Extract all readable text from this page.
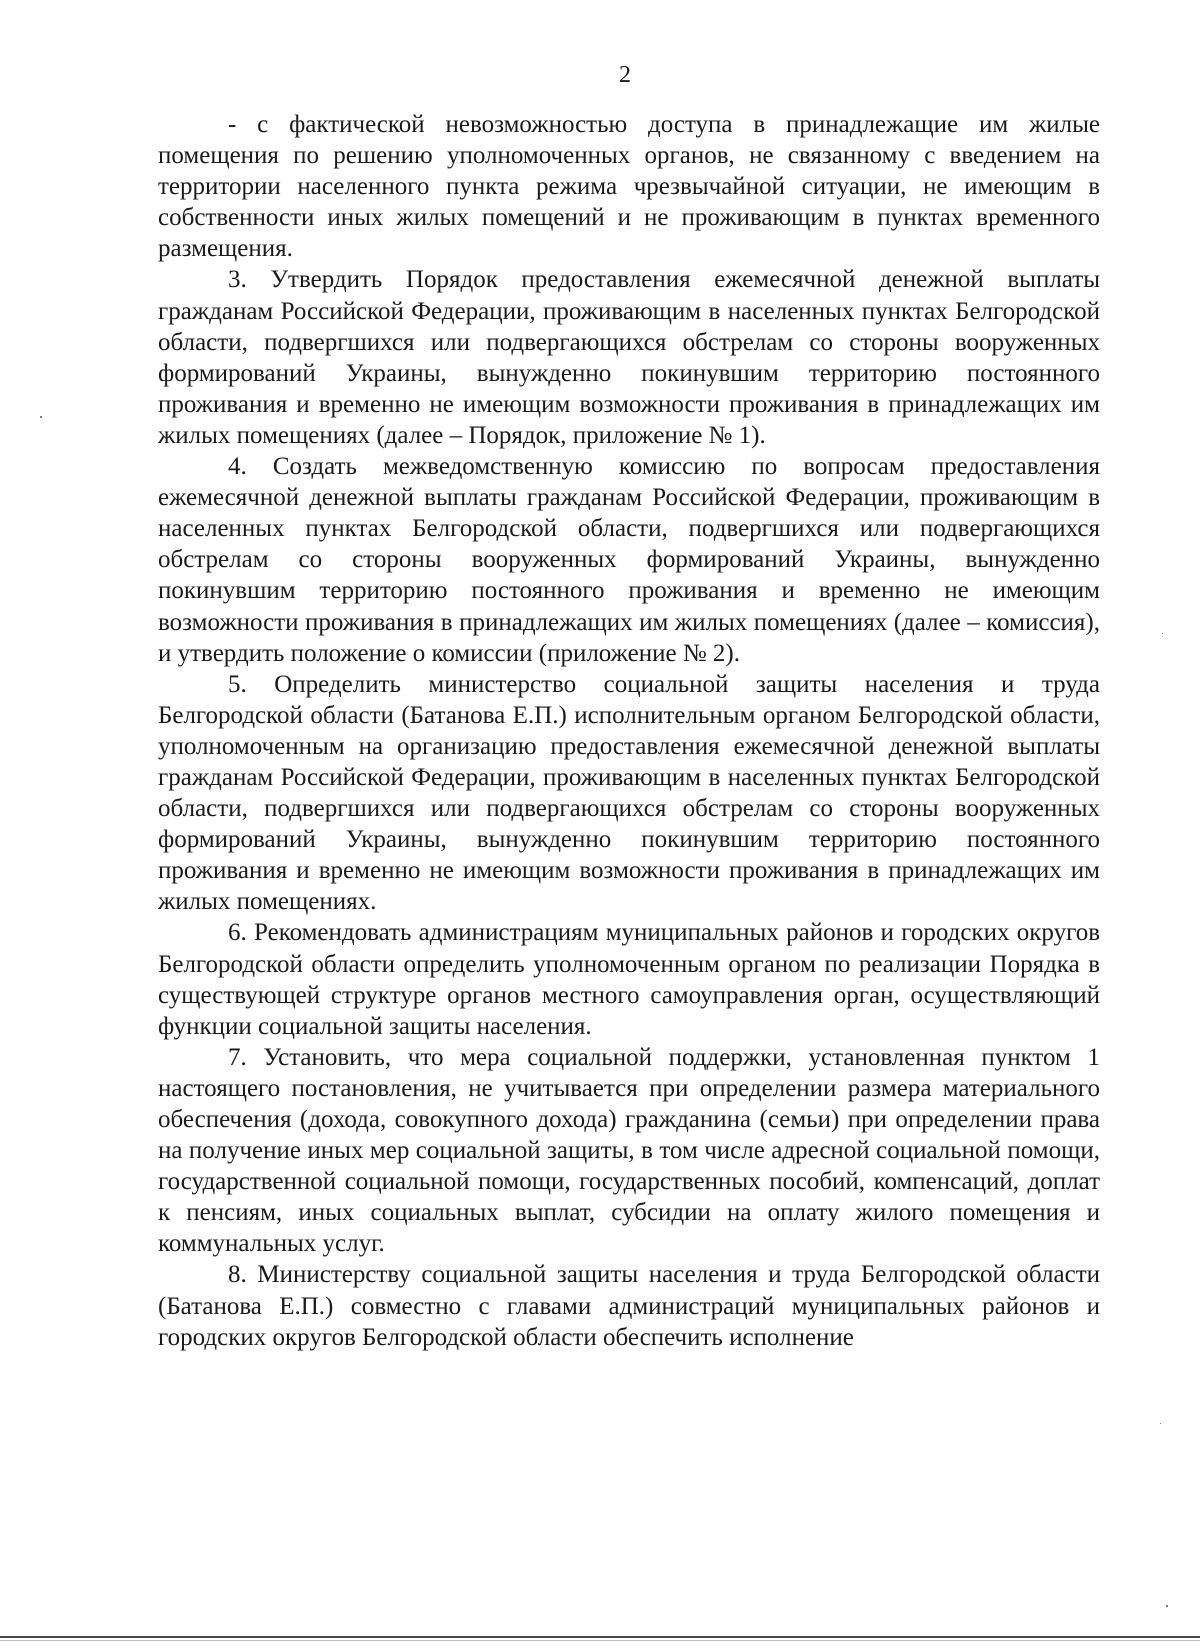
2

- с фактической невозможностью доступа в принадлежащие им жилые помещения по решению уполномоченных органов, не связанному с введением на территории населенного пункта режима чрезвычайной ситуации, не имеющим в собственности иных жилых помещений и не проживающим в пунктах временного размещения.

3. Утвердить Порядок предоставления ежемесячной денежной выплаты гражданам Российской Федерации, проживающим в населенных пунктах Белгородской области, подвергшихся или подвергающихся обстрелам со стороны вооруженных формирований Украины, вынужденно покинувшим территорию постоянного проживания и временно не имеющим возможности проживания в принадлежащих им жилых помещениях (далее – Порядок, приложение № 1).

4. Создать межведомственную комиссию по вопросам предоставления ежемесячной денежной выплаты гражданам Российской Федерации, проживающим в населенных пунктах Белгородской области, подвергшихся или подвергающихся обстрелам со стороны вооруженных формирований Украины, вынужденно покинувшим территорию постоянного проживания и временно не имеющим возможности проживания в принадлежащих им жилых помещениях (далее – комиссия), и утвердить положение о комиссии (приложение № 2).

5. Определить министерство социальной защиты населения и труда Белгородской области (Батанова Е.П.) исполнительным органом Белгородской области, уполномоченным на организацию предоставления ежемесячной денежной выплаты гражданам Российской Федерации, проживающим в населенных пунктах Белгородской области, подвергшихся или подвергающихся обстрелам со стороны вооруженных формирований Украины, вынужденно покинувшим территорию постоянного проживания и временно не имеющим возможности проживания в принадлежащих им жилых помещениях.

6. Рекомендовать администрациям муниципальных районов и городских округов Белгородской области определить уполномоченным органом по реализации Порядка в существующей структуре органов местного самоуправления орган, осуществляющий функции социальной защиты населения.

7. Установить, что мера социальной поддержки, установленная пунктом 1 настоящего постановления, не учитывается при определении размера материального обеспечения (дохода, совокупного дохода) гражданина (семьи) при определении права на получение иных мер социальной защиты, в том числе адресной социальной помощи, государственной социальной помощи, государственных пособий, компенсаций, доплат к пенсиям, иных социальных выплат, субсидии на оплату жилого помещения и коммунальных услуг.

8. Министерству социальной защиты населения и труда Белгородской области (Батанова Е.П.) совместно с главами администраций муниципальных районов и городских округов Белгородской области обеспечить исполнение
